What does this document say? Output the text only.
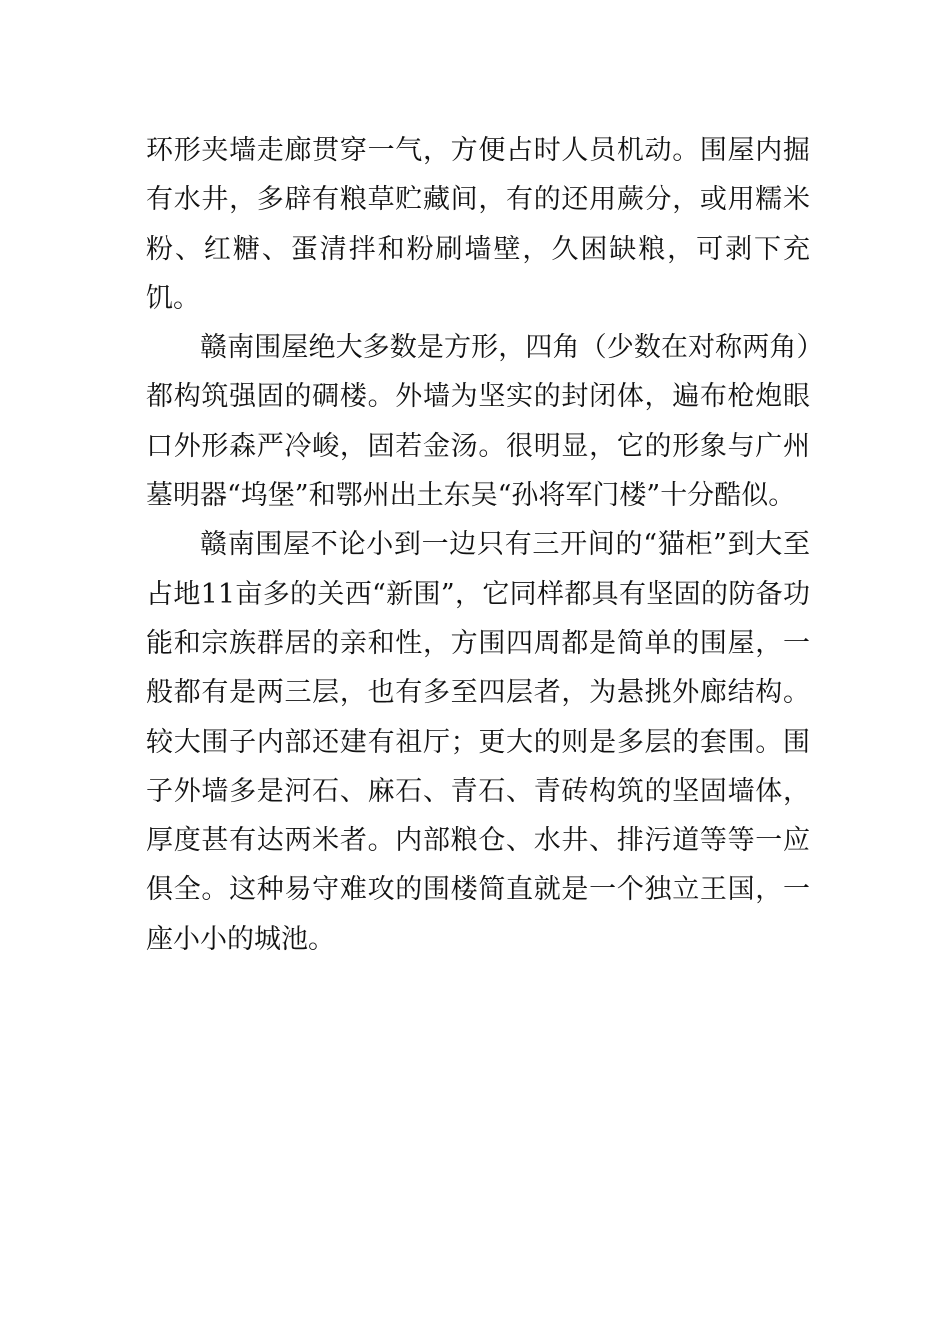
环形夹墙走廊贯穿一气，方便占时人员机动。围屋内掘有水井，多辟有粮草贮藏间，有的还用蕨分，或用糯米粉、红糖、蛋清拌和粉刷墙壁，久困缺粮，可剥下充饥。

赣南围屋绝大多数是方形，四角（少数在对称两角）都构筑强固的碉楼。外墙为坚实的封闭体，遍布枪炮眼口外形森严冷峻，固若金汤。很明显，它的形象与广州墓明器“坞堡”和鄂州出土东吴“孙将军门楼”十分酷似。

赣南围屋不论小到一边只有三开间的“猫柜”到大至占地11亩多的关西“新围”，它同样都具有坚固的防备功能和宗族群居的亲和性，方围四周都是简单的围屋，一般都有是两三层，也有多至四层者，为悬挑外廊结构。较大围子内部还建有祖厅；更大的则是多层的套围。围子外墙多是河石、麻石、青石、青砖构筑的坚固墙体，厚度甚有达两米者。内部粮仓、水井、排污道等等一应俱全。这种易守难攻的围楼简直就是一个独立王国，一座小小的城池。
